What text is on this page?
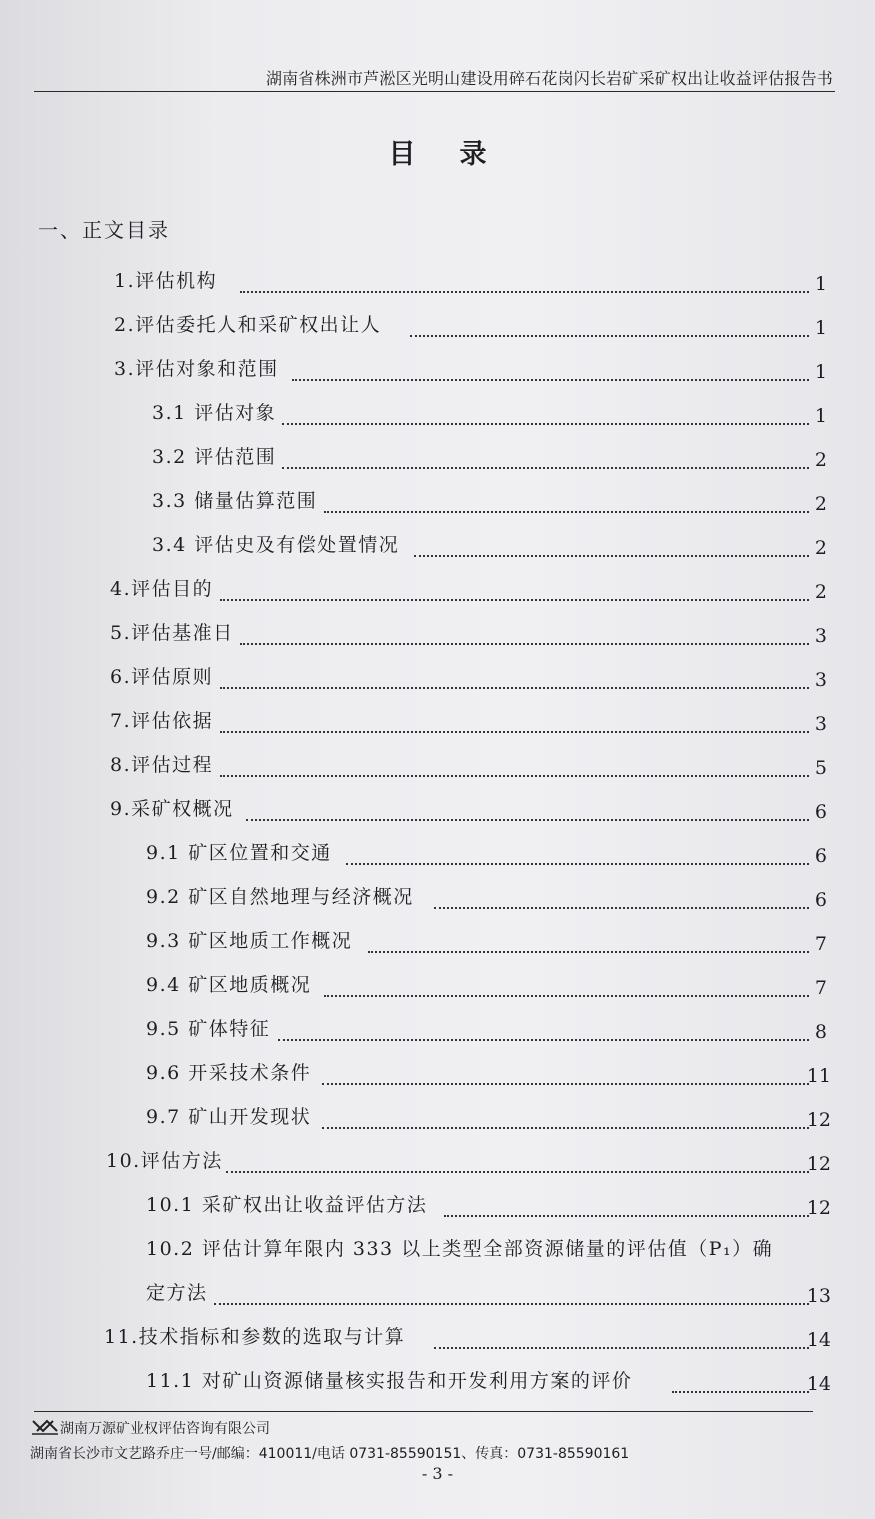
湖南省株洲市芦淞区光明山建设用碎石花岗闪长岩矿采矿权出让收益评估报告书
目录
一、正文目录
1.评估机构	1
2.评估委托人和采矿权出让人	1
3.评估对象和范围	1
3.1 评估对象	1
3.2 评估范围	2
3.3 储量估算范围	2
3.4 评估史及有偿处置情况	2
4.评估目的	2
5.评估基准日	3
6.评估原则	3
7.评估依据	3
8.评估过程	5
9.采矿权概况	6
9.1 矿区位置和交通	6
9.2 矿区自然地理与经济概况	6
9.3 矿区地质工作概况	7
9.4 矿区地质概况	7
9.5 矿体特征	8
9.6 开采技术条件	11
9.7 矿山开发现状	12
10.评估方法	12
10.1 采矿权出让收益评估方法	12
10.2 评估计算年限内 333 以上类型全部资源储量的评估值（P₁）确
定方法	13
11.技术指标和参数的选取与计算	14
11.1 对矿山资源储量核实报告和开发利用方案的评价	14
湖南万源矿业权评估咨询有限公司
湖南省长沙市文艺路乔庄一号/邮编：410011/电话 0731-85590151、传真：0731-85590161
- 3 -
